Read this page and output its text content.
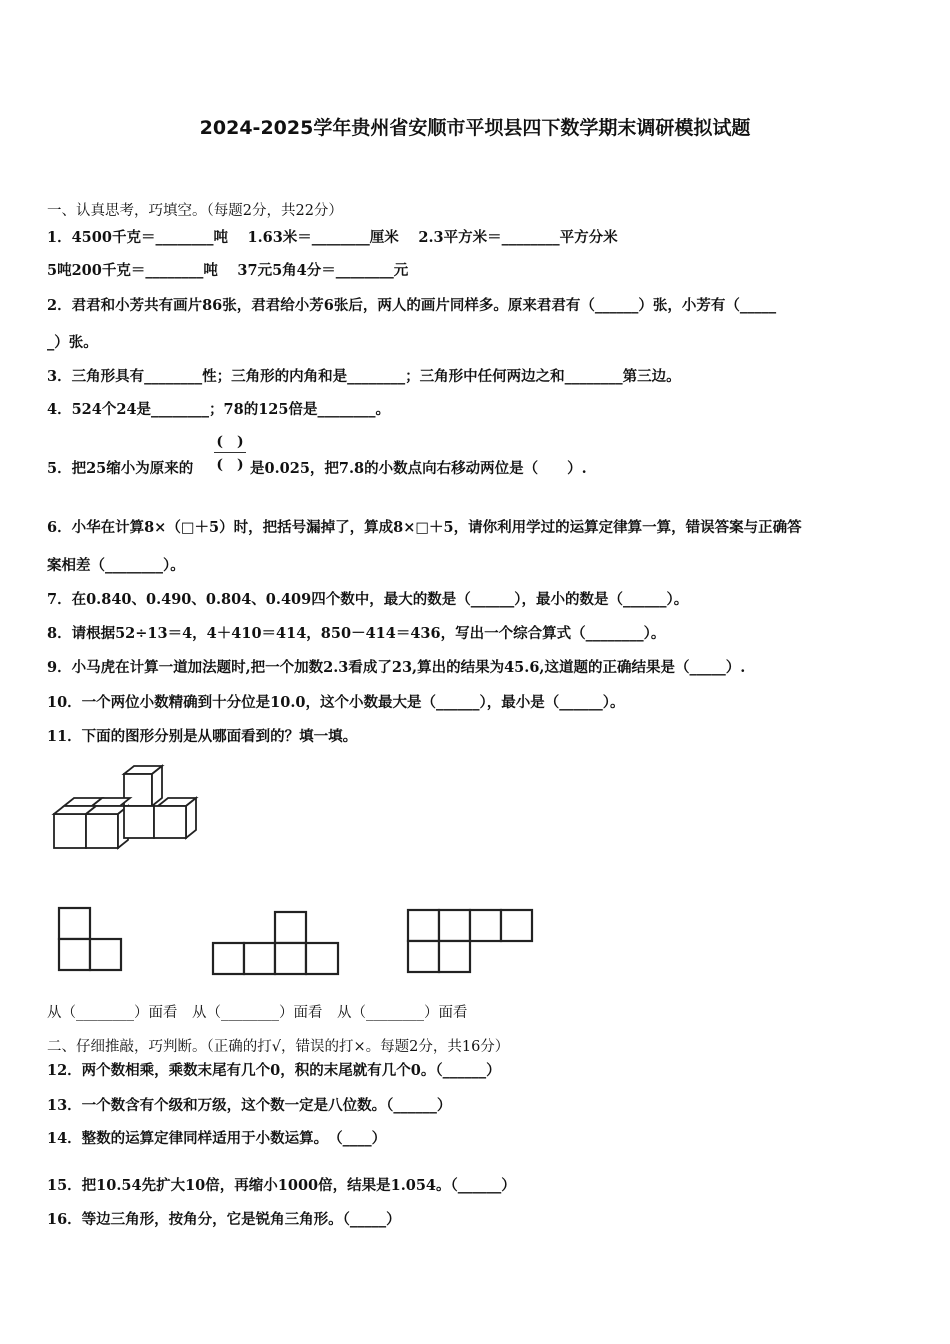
2024-2025学年贵州省安顺市平坝县四下数学期末调研模拟试题
一、认真思考，巧填空。（每题2分，共22分）
1．4500千克＝________吨　 1.63米＝________厘米　 2.3平方米＝________平方分米
5吨200千克＝________吨　 37元5角4分＝________元
2．君君和小芳共有画片86张，君君给小芳6张后，两人的画片同样多。原来君君有（______）张，小芳有（_____
_）张。
3．三角形具有________性；三角形的内角和是________；三角形中任何两边之和________第三边。
4．524个24是________；78的125倍是________。
(　)
(　)
5．把25缩小为原来的	是0.025，把7.8的小数点向右移动两位是（　　）.
6．小华在计算8×（□＋5）时，把括号漏掉了，算成8×□＋5，请你利用学过的运算定律算一算，错误答案与正确答
案相差（________）。
7．在0.840、0.490、0.804、0.409四个数中，最大的数是（______），最小的数是（______）。
8．请根据52÷13＝4，4＋410＝414，850－414＝436，写出一个综合算式（________）。
9．小马虎在计算一道加法题时,把一个加数2.3看成了23,算出的结果为45.6,这道题的正确结果是（_____）.
10．一个两位小数精确到十分位是10.0，这个小数最大是（______），最小是（______）。
11．下面的图形分别是从哪面看到的？填一填。
从（________）面看　从（________）面看　从（________）面看
二、仔细推敲，巧判断。（正确的打√，错误的打×。每题2分，共16分）
12．两个数相乘，乘数末尾有几个0，积的末尾就有几个0。（______）
13．一个数含有个级和万级，这个数一定是八位数。（______）
14．整数的运算定律同样适用于小数运算。　（____）
15．把10.54先扩大10倍，再缩小1000倍，结果是1.054。（______）
16．等边三角形，按角分，它是锐角三角形。（_____）
